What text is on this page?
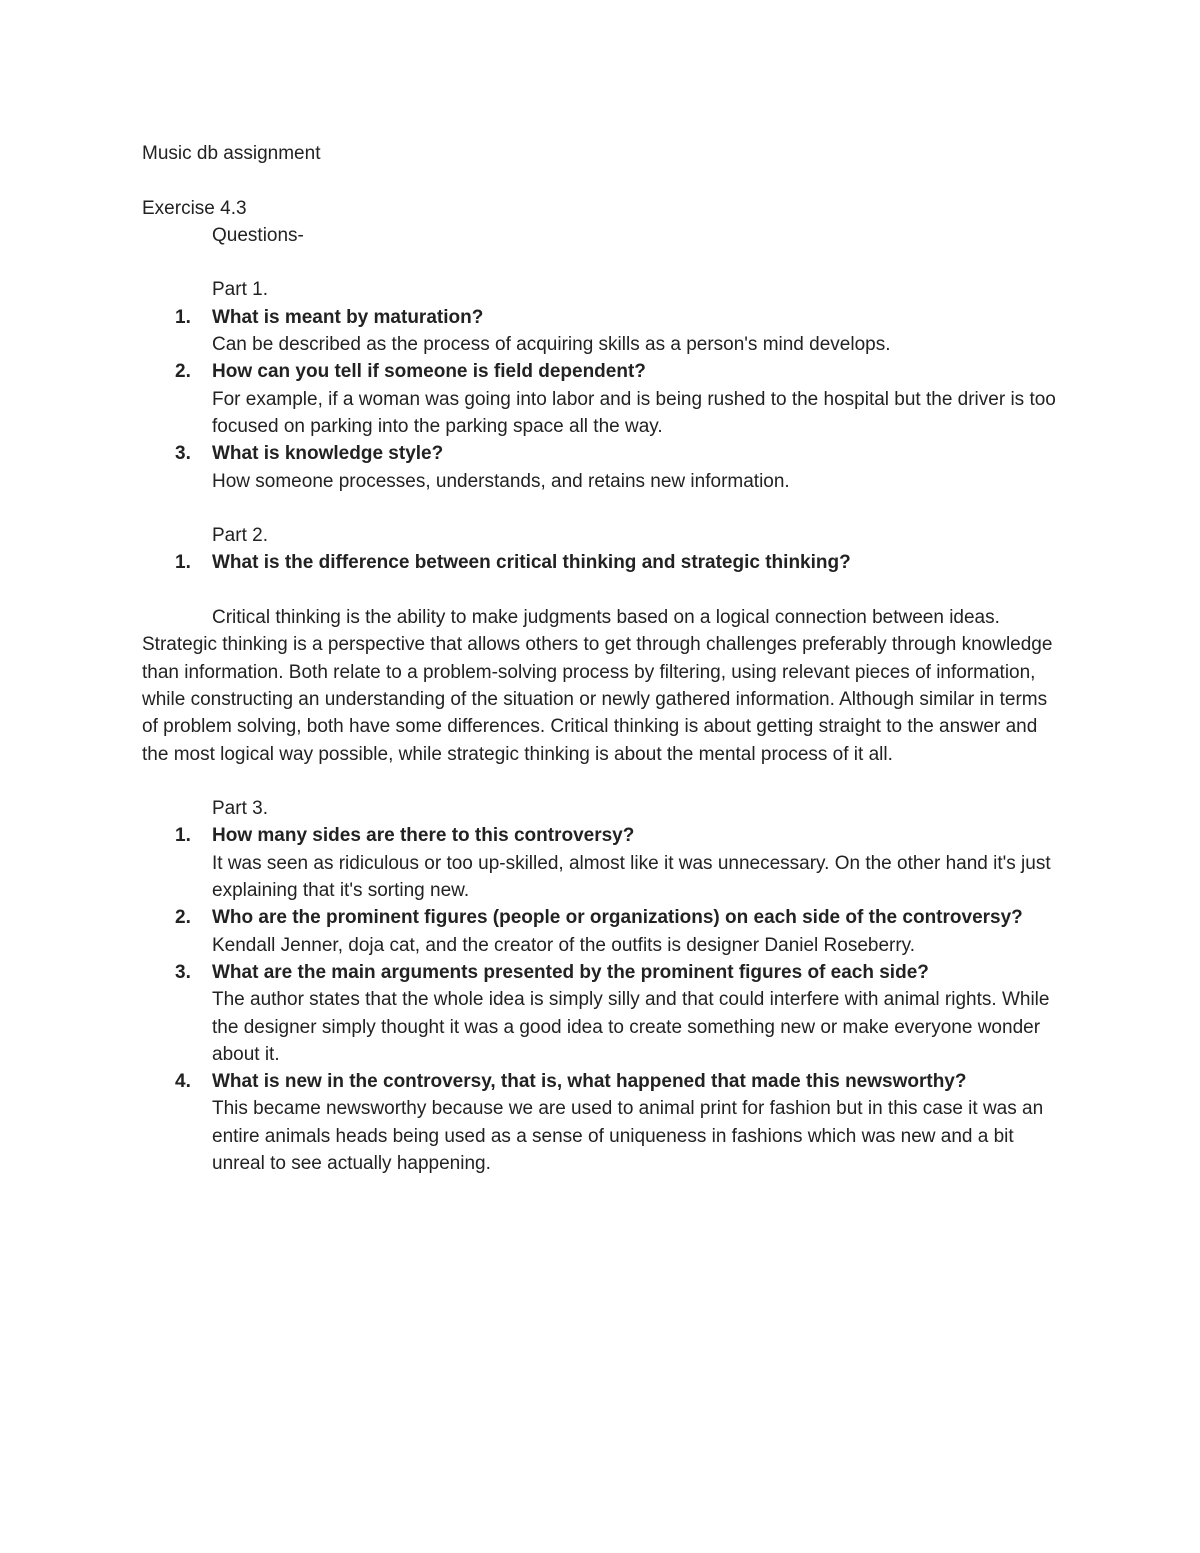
Music db assignment

Exercise 4.3

Questions-

Part 1.

1. What is meant by maturation?
Can be described as the process of acquiring skills as a person's mind develops.
2. How can you tell if someone is field dependent?
For example, if a woman was going into labor and is being rushed to the hospital but the driver is too focused on parking into the parking space all the way.
3. What is knowledge style?
How someone processes, understands, and retains new information.

Part 2.

1. What is the difference between critical thinking and strategic thinking?

Critical thinking is the ability to make judgments based on a logical connection between ideas. Strategic thinking is a perspective that allows others to get through challenges preferably through knowledge than information. Both relate to a problem-solving process by filtering, using relevant pieces of information, while constructing an understanding of the situation or newly gathered information. Although similar in terms of problem solving, both have some differences. Critical thinking is about getting straight to the answer and the most logical way possible, while strategic thinking is about the mental process of it all.

Part 3.

1. How many sides are there to this controversy?
It was seen as ridiculous or too up-skilled, almost like it was unnecessary. On the other hand it's just explaining that it's sorting new.
2. Who are the prominent figures (people or organizations) on each side of the controversy?
Kendall Jenner, doja cat, and the creator of the outfits is designer Daniel Roseberry.
3. What are the main arguments presented by the prominent figures of each side?
The author states that the whole idea is simply silly and that could interfere with animal rights. While the designer simply thought it was a good idea to create something new or make everyone wonder about it.
4. What is new in the controversy, that is, what happened that made this newsworthy?
This became newsworthy because we are used to animal print for fashion but in this case it was an entire animals heads being used as a sense of uniqueness in fashions which was new and a bit unreal to see actually happening.
